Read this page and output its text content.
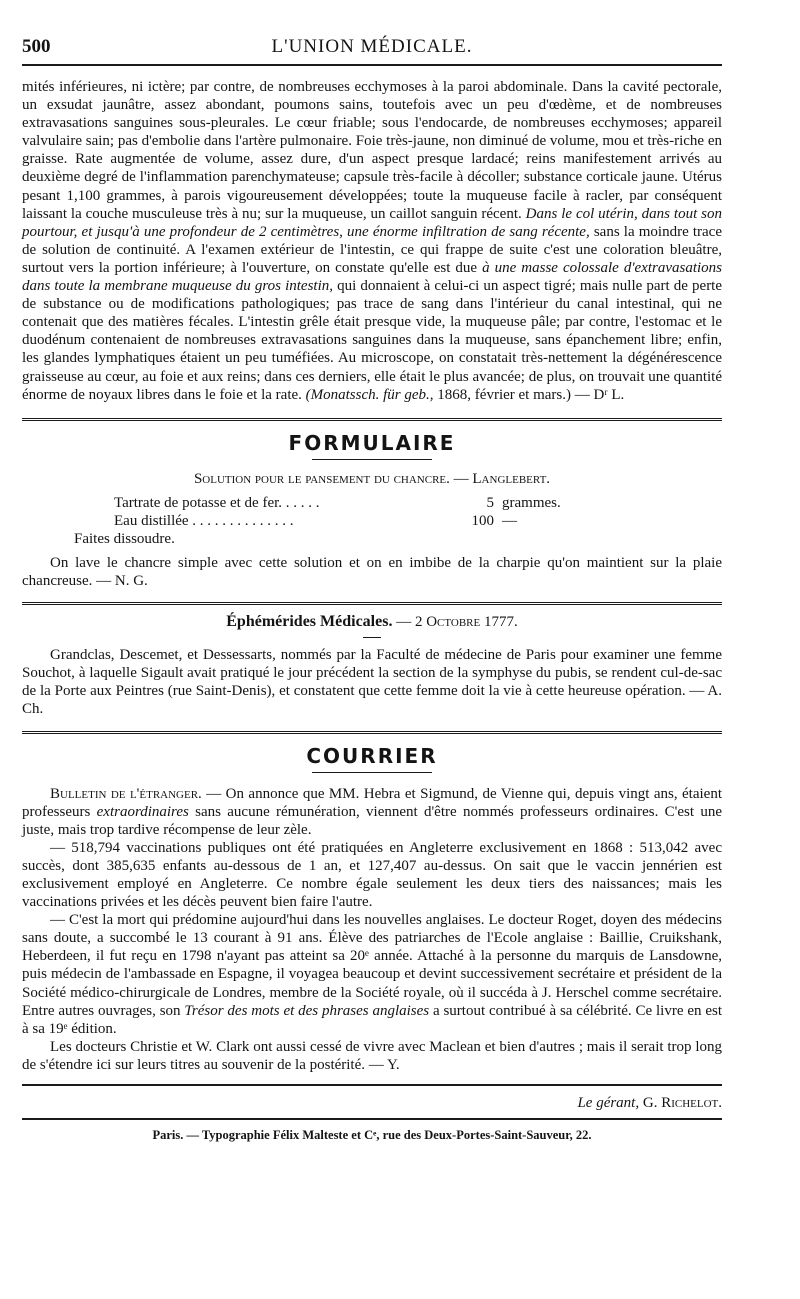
500	L'UNION MÉDICALE.

mités inférieures, ni ictère; par contre, de nombreuses ecchymoses à la paroi abdominale. Dans la cavité pectorale, un exsudat jaunâtre, assez abondant, poumons sains, toutefois avec un peu d'œdème, et de nombreuses extravasations sanguines sous-pleurales. Le cœur friable; sous l'endocarde, de nombreuses ecchymoses; appareil valvulaire sain; pas d'embolie dans l'artère pulmonaire. Foie très-jaune, non diminué de volume, mou et très-riche en graisse. Rate augmentée de volume, assez dure, d'un aspect presque lardacé; reins manifestement arrivés au deuxième degré de l'inflammation parenchymateuse; capsule très-facile à décoller; substance corticale jaune. Utérus pesant 1,100 grammes, à parois vigoureusement développées; toute la muqueuse facile à racler, par conséquent laissant la couche musculeuse très à nu; sur la muqueuse, un caillot sanguin récent. Dans le col utérin, dans tout son pourtour, et jusqu'à une profondeur de 2 centimètres, une énorme infiltration de sang récente, sans la moindre trace de solution de continuité. A l'examen extérieur de l'intestin, ce qui frappe de suite c'est une coloration bleuâtre, surtout vers la portion inférieure; à l'ouverture, on constate qu'elle est due à une masse colossale d'extravasations dans toute la membrane muqueuse du gros intestin, qui donnaient à celui-ci un aspect tigré; mais nulle part de perte de substance ou de modifications pathologiques; pas trace de sang dans l'intérieur du canal intestinal, qui ne contenait que des matières fécales. L'intestin grêle était presque vide, la muqueuse pâle; par contre, l'estomac et le duodénum contenaient de nombreuses extravasations sanguines dans la muqueuse, sans épanchement libre; enfin, les glandes lymphatiques étaient un peu tuméfiées. Au microscope, on constatait très-nettement la dégénérescence graisseuse au cœur, au foie et aux reins; dans ces derniers, elle était le plus avancée; de plus, on trouvait une quantité énorme de noyaux libres dans le foie et la rate. (Monatssch. für geb., 1868, février et mars.) — Dʳ L.

FORMULAIRE

Solution pour le pansement du chancre. — Langlebert.

Tartrate de potasse et de fer. . . . . .	5 grammes.
Eau distillée . . . . . . . . . . . . . .	100 —

Faites dissoudre.

On lave le chancre simple avec cette solution et on en imbibe de la charpie qu'on maintient sur la plaie chancreuse. — N. G.

Éphémérides Médicales. — 2 Octobre 1777.

Grandclas, Descemet, et Dessessarts, nommés par la Faculté de médecine de Paris pour examiner une femme Souchot, à laquelle Sigault avait pratiqué le jour précédent la section de la symphyse du pubis, se rendent cul-de-sac de la Porte aux Peintres (rue Saint-Denis), et constatent que cette femme doit la vie à cette heureuse opération. — A. Ch.

COURRIER

Bulletin de l'étranger. — On annonce que MM. Hebra et Sigmund, de Vienne qui, depuis vingt ans, étaient professeurs extraordinaires sans aucune rémunération, viennent d'être nommés professeurs ordinaires. C'est une juste, mais trop tardive récompense de leur zèle.

— 518,794 vaccinations publiques ont été pratiquées en Angleterre exclusivement en 1868 : 513,042 avec succès, dont 385,635 enfants au-dessous de 1 an, et 127,407 au-dessus. On sait que le vaccin jennérien est exclusivement employé en Angleterre. Ce nombre égale seulement les deux tiers des naissances; mais les vaccinations privées et les décès peuvent bien faire l'autre.

— C'est la mort qui prédomine aujourd'hui dans les nouvelles anglaises. Le docteur Roget, doyen des médecins sans doute, a succombé le 13 courant à 91 ans. Élève des patriarches de l'Ecole anglaise : Baillie, Cruikshank, Heberdeen, il fut reçu en 1798 n'ayant pas atteint sa 20ᵉ année. Attaché à la personne du marquis de Lansdowne, puis médecin de l'ambassade en Espagne, il voyagea beaucoup et devint successivement secrétaire et président de la Société médico-chirurgicale de Londres, membre de la Société royale, où il succéda à J. Herschel comme secrétaire. Entre autres ouvrages, son Trésor des mots et des phrases anglaises a surtout contribué à sa célébrité. Ce livre en est à sa 19ᵉ édition.

Les docteurs Christie et W. Clark ont aussi cessé de vivre avec Maclean et bien d'autres ; mais il serait trop long de s'étendre ici sur leurs titres au souvenir de la postérité. — Y.

Le gérant, G. Richelot.

Paris. — Typographie Félix Malteste et Cᵉ, rue des Deux-Portes-Saint-Sauveur, 22.
